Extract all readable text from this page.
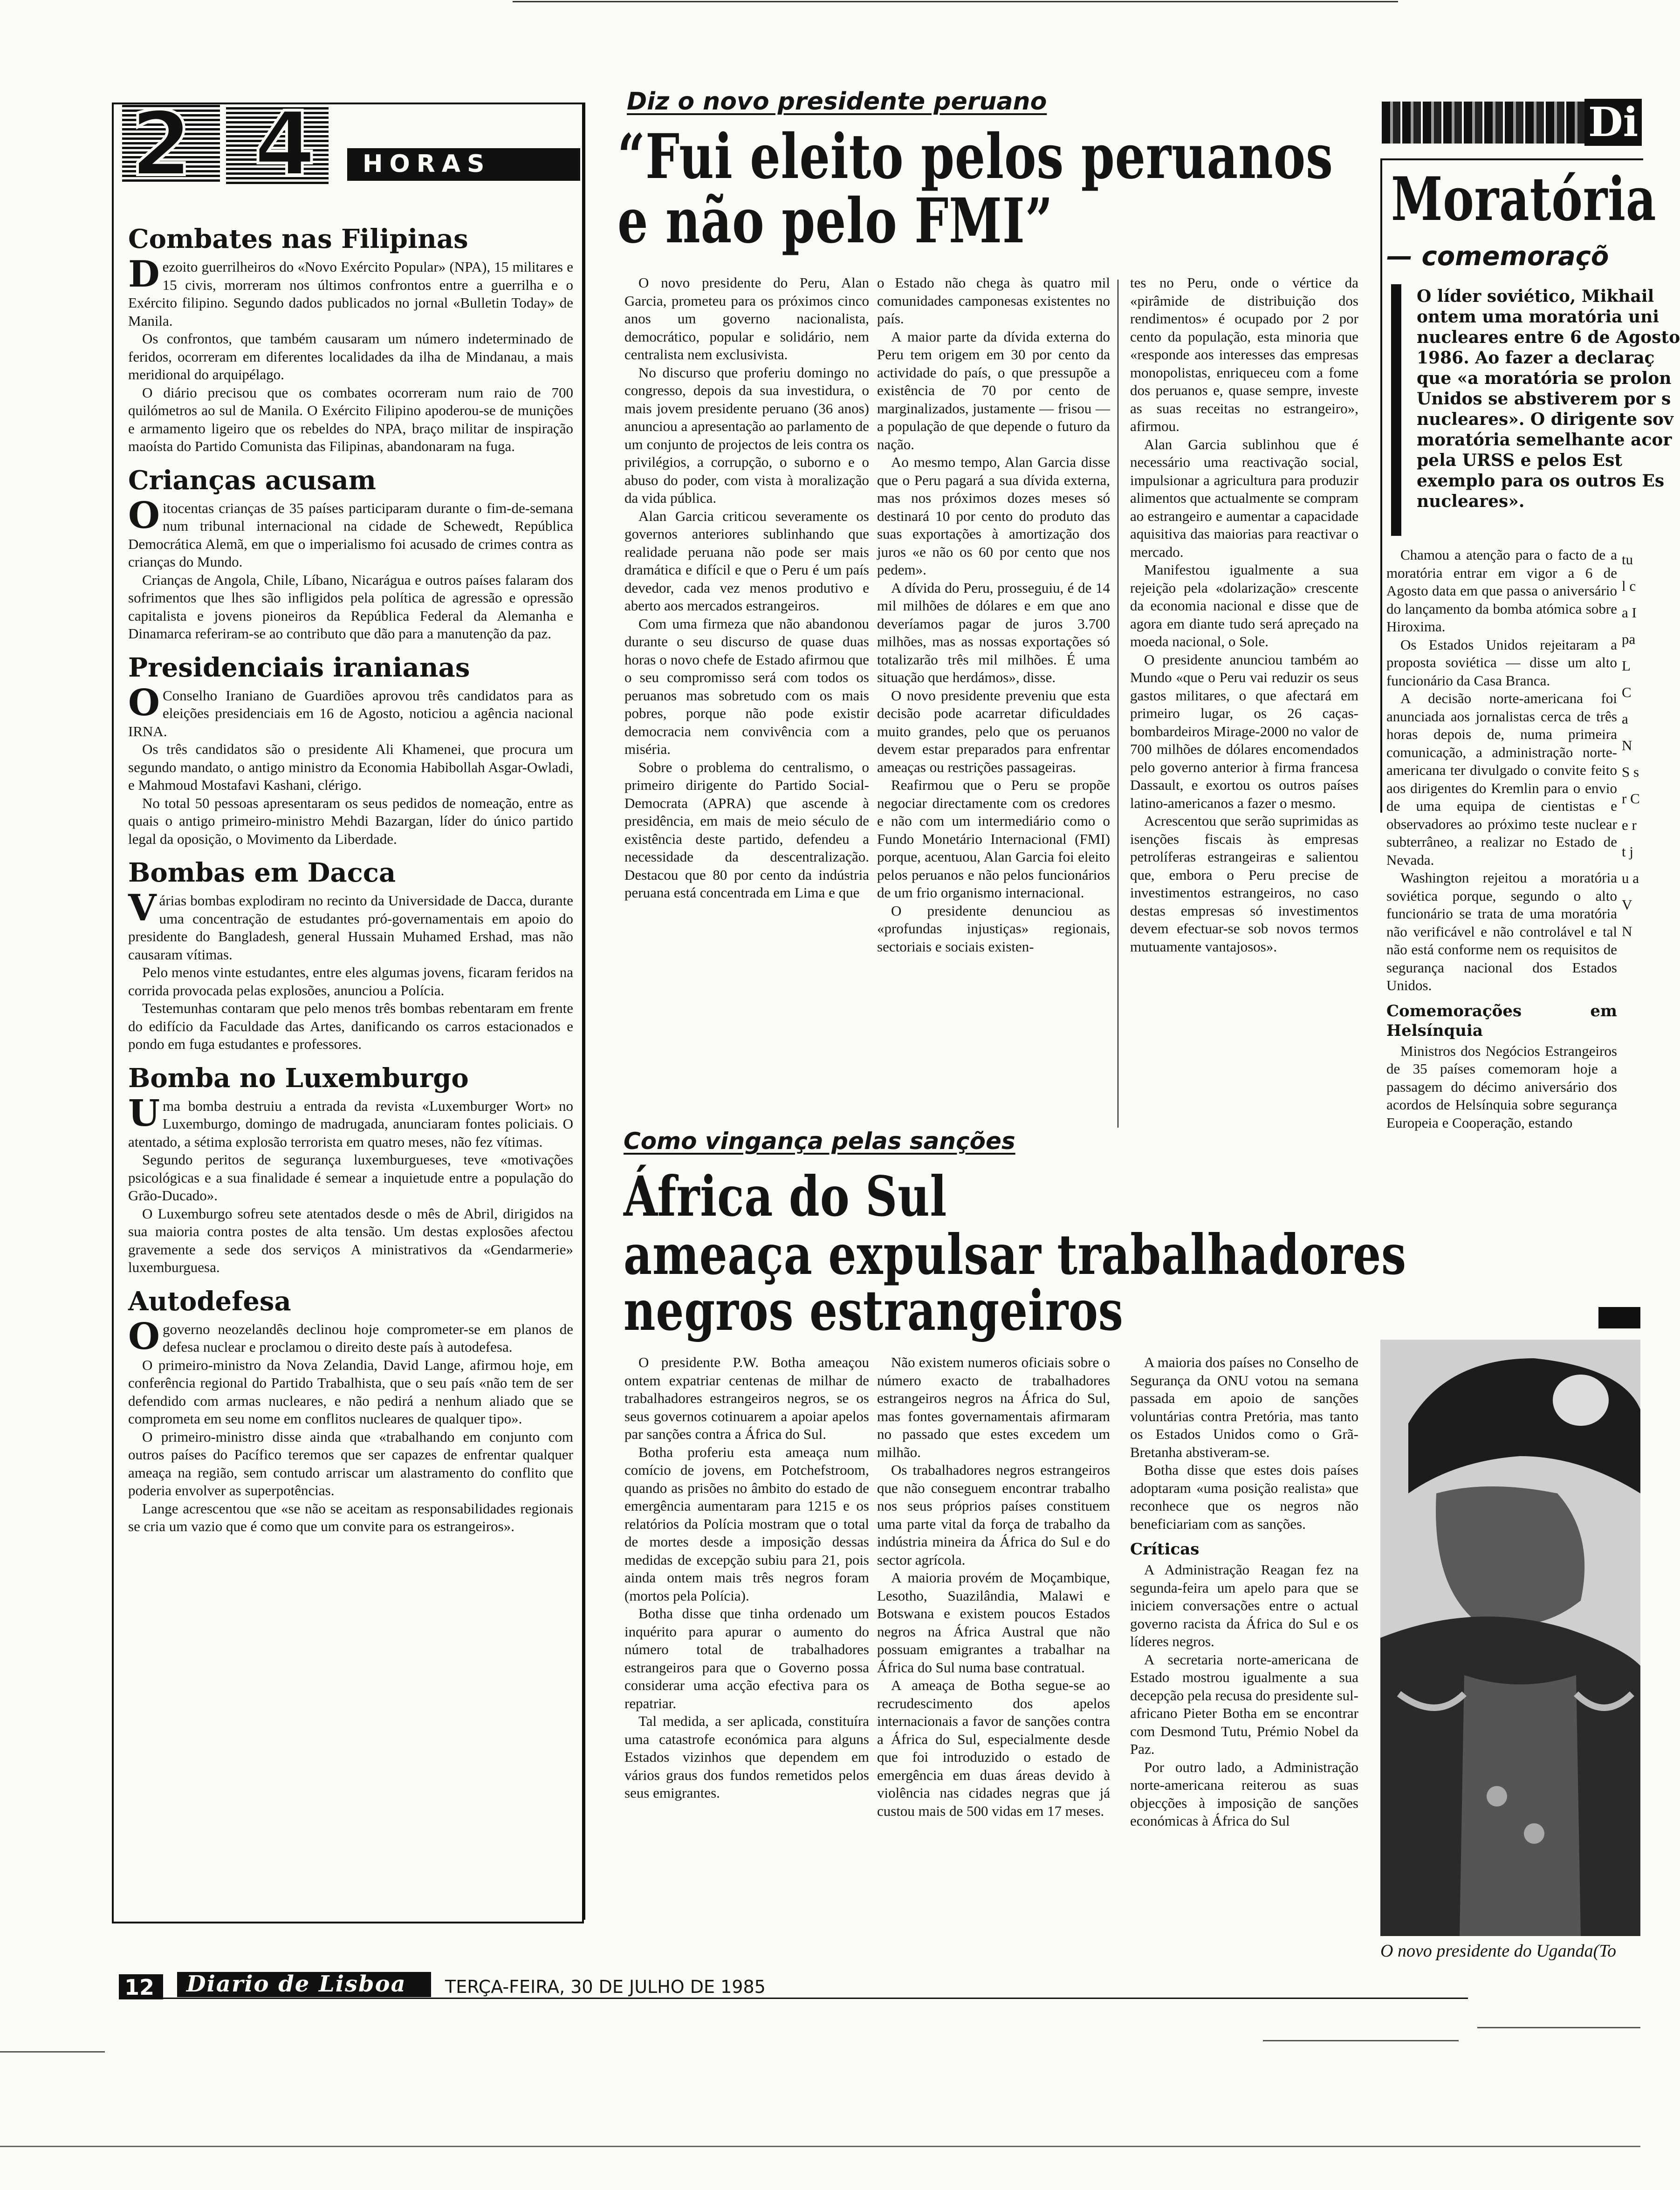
2 4 HORAS
Combates nas Filipinas

Dezoito guerrilheiros do «Novo Exército Popular» (NPA), 15 militares e 15 civis, morreram nos últimos confrontos entre a guerrilha e o Exército filipino. Segundo dados publicados no jornal «Bulletin Today» de Manila.

Os confrontos, que também causaram um número indeterminado de feridos, ocorreram em diferentes localidades da ilha de Mindanau, a mais meridional do arquipélago.

O diário precisou que os combates ocorreram num raio de 700 quilómetros ao sul de Manila. O Exército Filipino apoderou-se de munições e armamento ligeiro que os rebeldes do NPA, braço militar de inspiração maoísta do Partido Comunista das Filipinas, abandonaram na fuga.

Crianças acusam

Oitocentas crianças de 35 países participaram durante o fim-de-semana num tribunal internacional na cidade de Schewedt, República Democrática Alemã, em que o imperialismo foi acusado de crimes contra as crianças do Mundo.

Crianças de Angola, Chile, Líbano, Nicarágua e outros países falaram dos sofrimentos que lhes são infligidos pela política de agressão e opressão capitalista e jovens pioneiros da República Federal da Alemanha e Dinamarca referiram-se ao contributo que dão para a manutenção da paz.

Presidenciais iranianas

OConselho Iraniano de Guardiões aprovou três candidatos para as eleições presidenciais em 16 de Agosto, noticiou a agência nacional IRNA.

Os três candidatos são o presidente Ali Khamenei, que procura um segundo mandato, o antigo ministro da Economia Habibollah Asgar-Owladi, e Mahmoud Mostafavi Kashani, clérigo.

No total 50 pessoas apresentaram os seus pedidos de nomeação, entre as quais o antigo primeiro-ministro Mehdi Bazargan, líder do único partido legal da oposição, o Movimento da Liberdade.

Bombas em Dacca

Várias bombas explodiram no recinto da Universidade de Dacca, durante uma concentração de estudantes pró-governamentais em apoio do presidente do Bangladesh, general Hussain Muhamed Ershad, mas não causaram vítimas.

Pelo menos vinte estudantes, entre eles algumas jovens, ficaram feridos na corrida provocada pelas explosões, anunciou a Polícia.

Testemunhas contaram que pelo menos três bombas rebentaram em frente do edifício da Faculdade das Artes, danificando os carros estacionados e pondo em fuga estudantes e professores.

Bomba no Luxemburgo

Uma bomba destruiu a entrada da revista «Luxemburger Wort» no Luxemburgo, domingo de madrugada, anunciaram fontes policiais. O atentado, a sétima explosão terrorista em quatro meses, não fez vítimas.

Segundo peritos de segurança luxemburgueses, teve «motivações psicológicas e a sua finalidade é semear a inquietude entre a população do Grão-Ducado».

O Luxemburgo sofreu sete atentados desde o mês de Abril, dirigidos na sua maioria contra postes de alta tensão. Um destas explosões afectou gravemente a sede dos serviços A ministrativos da «Gendarmerie» luxemburguesa.

Autodefesa

Ogoverno neozelandês declinou hoje comprometer-se em planos de defesa nuclear e proclamou o direito deste país à autodefesa.

O primeiro-ministro da Nova Zelandia, David Lange, afirmou hoje, em conferência regional do Partido Trabalhista, que o seu país «não tem de ser defendido com armas nucleares, e não pedirá a nenhum aliado que se comprometa em seu nome em conflitos nucleares de qualquer tipo».

O primeiro-ministro disse ainda que «trabalhando em conjunto com outros países do Pacífico teremos que ser capazes de enfrentar qualquer ameaça na região, sem contudo arriscar um alastramento do conflito que poderia envolver as superpotências.

Lange acrescentou que «se não se aceitam as responsabilidades regionais se cria um vazio que é como que um convite para os estrangeiros».

Diz o novo presidente peruano
“Fui eleito pelos peruanos
e não pelo FMI”

O novo presidente do Peru, Alan Garcia, prometeu para os próximos cinco anos um governo nacionalista, democrático, popular e solidário, nem centralista nem exclusivista.

No discurso que proferiu domingo no congresso, depois da sua investidura, o mais jovem presidente peruano (36 anos) anunciou a apresentação ao parlamento de um conjunto de projectos de leis contra os privilégios, a corrupção, o suborno e o abuso do poder, com vista à moralização da vida pública.

Alan Garcia criticou severamente os governos anteriores sublinhando que realidade peruana não pode ser mais dramática e difícil e que o Peru é um país devedor, cada vez menos produtivo e aberto aos mercados estrangeiros.

Com uma firmeza que não abandonou durante o seu discurso de quase duas horas o novo chefe de Estado afirmou que o seu compromisso será com todos os peruanos mas sobretudo com os mais pobres, porque não pode existir democracia nem convivência com a miséria.

Sobre o problema do centralismo, o primeiro dirigente do Partido Social-Democrata (APRA) que ascende à presidência, em mais de meio século de existência deste partido, defendeu a necessidade da descentralização. Destacou que 80 por cento da indústria peruana está concentrada em Lima e que

o Estado não chega às quatro mil comunidades camponesas existentes no país.

A maior parte da dívida externa do Peru tem origem em 30 por cento da actividade do país, o que pressupõe a existência de 70 por cento de marginalizados, justamente — frisou — a população de que depende o futuro da nação.

Ao mesmo tempo, Alan Garcia disse que o Peru pagará a sua dívida externa, mas nos próximos dozes meses só destinará 10 por cento do produto das suas exportações à amortização dos juros «e não os 60 por cento que nos pedem».

A dívida do Peru, prosseguiu, é de 14 mil milhões de dólares e em que ano deveríamos pagar de juros 3.700 milhões, mas as nossas exportações só totalizarão três mil milhões. É uma situação que herdámos», disse.

O novo presidente preveniu que esta decisão pode acarretar dificuldades muito grandes, pelo que os peruanos devem estar preparados para enfrentar ameaças ou restrições passageiras.

Reafirmou que o Peru se propõe negociar directamente com os credores e não com um intermediário como o Fundo Monetário Internacional (FMI) porque, acentuou, Alan Garcia foi eleito pelos peruanos e não pelos funcionários de um frio organismo internacional.

O presidente denunciou as «profundas injustiças» regionais, sectoriais e sociais existen-

tes no Peru, onde o vértice da «pirâmide de distribuição dos rendimentos» é ocupado por 2 por cento da população, esta minoria que «responde aos interesses das empresas monopolistas, enriqueceu com a fome dos peruanos e, quase sempre, investe as suas receitas no estrangeiro», afirmou.

Alan Garcia sublinhou que é necessário uma reactivação social, impulsionar a agricultura para produzir alimentos que actualmente se compram ao estrangeiro e aumentar a capacidade aquisitiva das maiorias para reactivar o mercado.

Manifestou igualmente a sua rejeição pela «dolarização» crescente da economia nacional e disse que de agora em diante tudo será apreçado na moeda nacional, o Sole.

O presidente anunciou também ao Mundo «que o Peru vai reduzir os seus gastos militares, o que afectará em primeiro lugar, os 26 caças-bombardeiros Mirage-2000 no valor de 700 milhões de dólares encomendados pelo governo anterior à firma francesa Dassault, e exortou os outros países latino-americanos a fazer o mesmo.

Acrescentou que serão suprimidas as isenções fiscais às empresas petrolíferas estrangeiras e salientou que, embora o Peru precise de investimentos estrangeiros, no caso destas empresas só investimentos devem efectuar-se sob novos termos mutuamente vantajosos».

Como vingança pelas sanções
África do Sul
ameaça expulsar trabalhadores
negros estrangeiros

O presidente P.W. Botha ameaçou ontem expatriar centenas de milhar de trabalhadores estrangeiros negros, se os seus governos cotinuarem a apoiar apelos par sanções contra a África do Sul.

Botha proferiu esta ameaça num comício de jovens, em Potchefstroom, quando as prisões no âmbito do estado de emergência aumentaram para 1215 e os relatórios da Polícia mostram que o total de mortes desde a imposição dessas medidas de excepção subiu para 21, pois ainda ontem mais três negros foram (mortos pela Polícia).

Botha disse que tinha ordenado um inquérito para apurar o aumento do número total de trabalhadores estrangeiros para que o Governo possa considerar uma acção efectiva para os repatriar.

Tal medida, a ser aplicada, constituíra uma catastrofe económica para alguns Estados vizinhos que dependem em vários graus dos fundos remetidos pelos seus emigrantes.

Não existem numeros oficiais sobre o número exacto de trabalhadores estrangeiros negros na África do Sul, mas fontes governamentais afirmaram no passado que estes excedem um milhão.

Os trabalhadores negros estrangeiros que não conseguem encontrar trabalho nos seus próprios países constituem uma parte vital da força de trabalho da indústria mineira da África do Sul e do sector agrícola.

A maioria provém de Moçambique, Lesotho, Suazilândia, Malawi e Botswana e existem poucos Estados negros na África Austral que não possuam emigrantes a trabalhar na África do Sul numa base contratual.

A ameaça de Botha segue-se ao recrudescimento dos apelos internacionais a favor de sanções contra a África do Sul, especialmente desde que foi introduzido o estado de emergência em duas áreas devido à violência nas cidades negras que já custou mais de 500 vidas em 17 meses.

A maioria dos países no Conselho de Segurança da ONU votou na semana passada em apoio de sanções voluntárias contra Pretória, mas tanto os Estados Unidos como o Grã-Bretanha abstiveram-se.

Botha disse que estes dois países adoptaram «uma posição realista» que reconhece que os negros não beneficiariam com as sanções.

Críticas

A Administração Reagan fez na segunda-feira um apelo para que se iniciem conversações entre o actual governo racista da África do Sul e os líderes negros.

A secretaria norte-americana de Estado mostrou igualmente a sua decepção pela recusa do presidente sul-africano Pieter Botha em se encontrar com Desmond Tutu, Prémio Nobel da Paz.

Por outro lado, a Administração norte-americana reiterou as suas objecções à imposição de sanções económicas à África do Sul

Di
Moratória
— comemoraçõ
O líder soviético, Mikhail
ontem uma moratória uni
nucleares entre 6 de Agosto
1986. Ao fazer a declaraç
que «a moratória se prolon
Unidos se abstiverem por s
nucleares». O dirigente sov
moratória semelhante acor
pela URSS e pelos Est
exemplo para os outros Es
nucleares».

Chamou a atenção para o facto de a moratória entrar em vigor a 6 de Agosto data em que passa o aniversário do lançamento da bomba atómica sobre Hiroxima.

Os Estados Unidos rejeitaram a proposta soviética — disse um alto funcionário da Casa Branca.

A decisão norte-americana foi anunciada aos jornalistas cerca de três horas depois de, numa primeira comunicação, a administração norte-americana ter divulgado o convite feito aos dirigentes do Kremlin para o envio de uma equipa de cientistas e observadores ao próximo teste nuclear subterrâneo, a realizar no Estado de Nevada.

Washington rejeitou a moratória soviética porque, segundo o alto funcionário se trata de uma moratória não verificável e não controlável e tal não está conforme nem os requisitos de segurança nacional dos Estados Unidos.

Comemorações em Helsínquia

Ministros dos Negócios Estrangeiros de 35 países comemoram hoje a passagem do décimo aniversário dos acordos de Helsínquia sobre segurança Europeia e Cooperação, estando

tu l ca I pa L C a N S s r C e r t j u a V N
O novo presidente do Uganda(To
12 Diario de Lisboa TERÇA-FEIRA, 30 DE JULHO DE 1985
